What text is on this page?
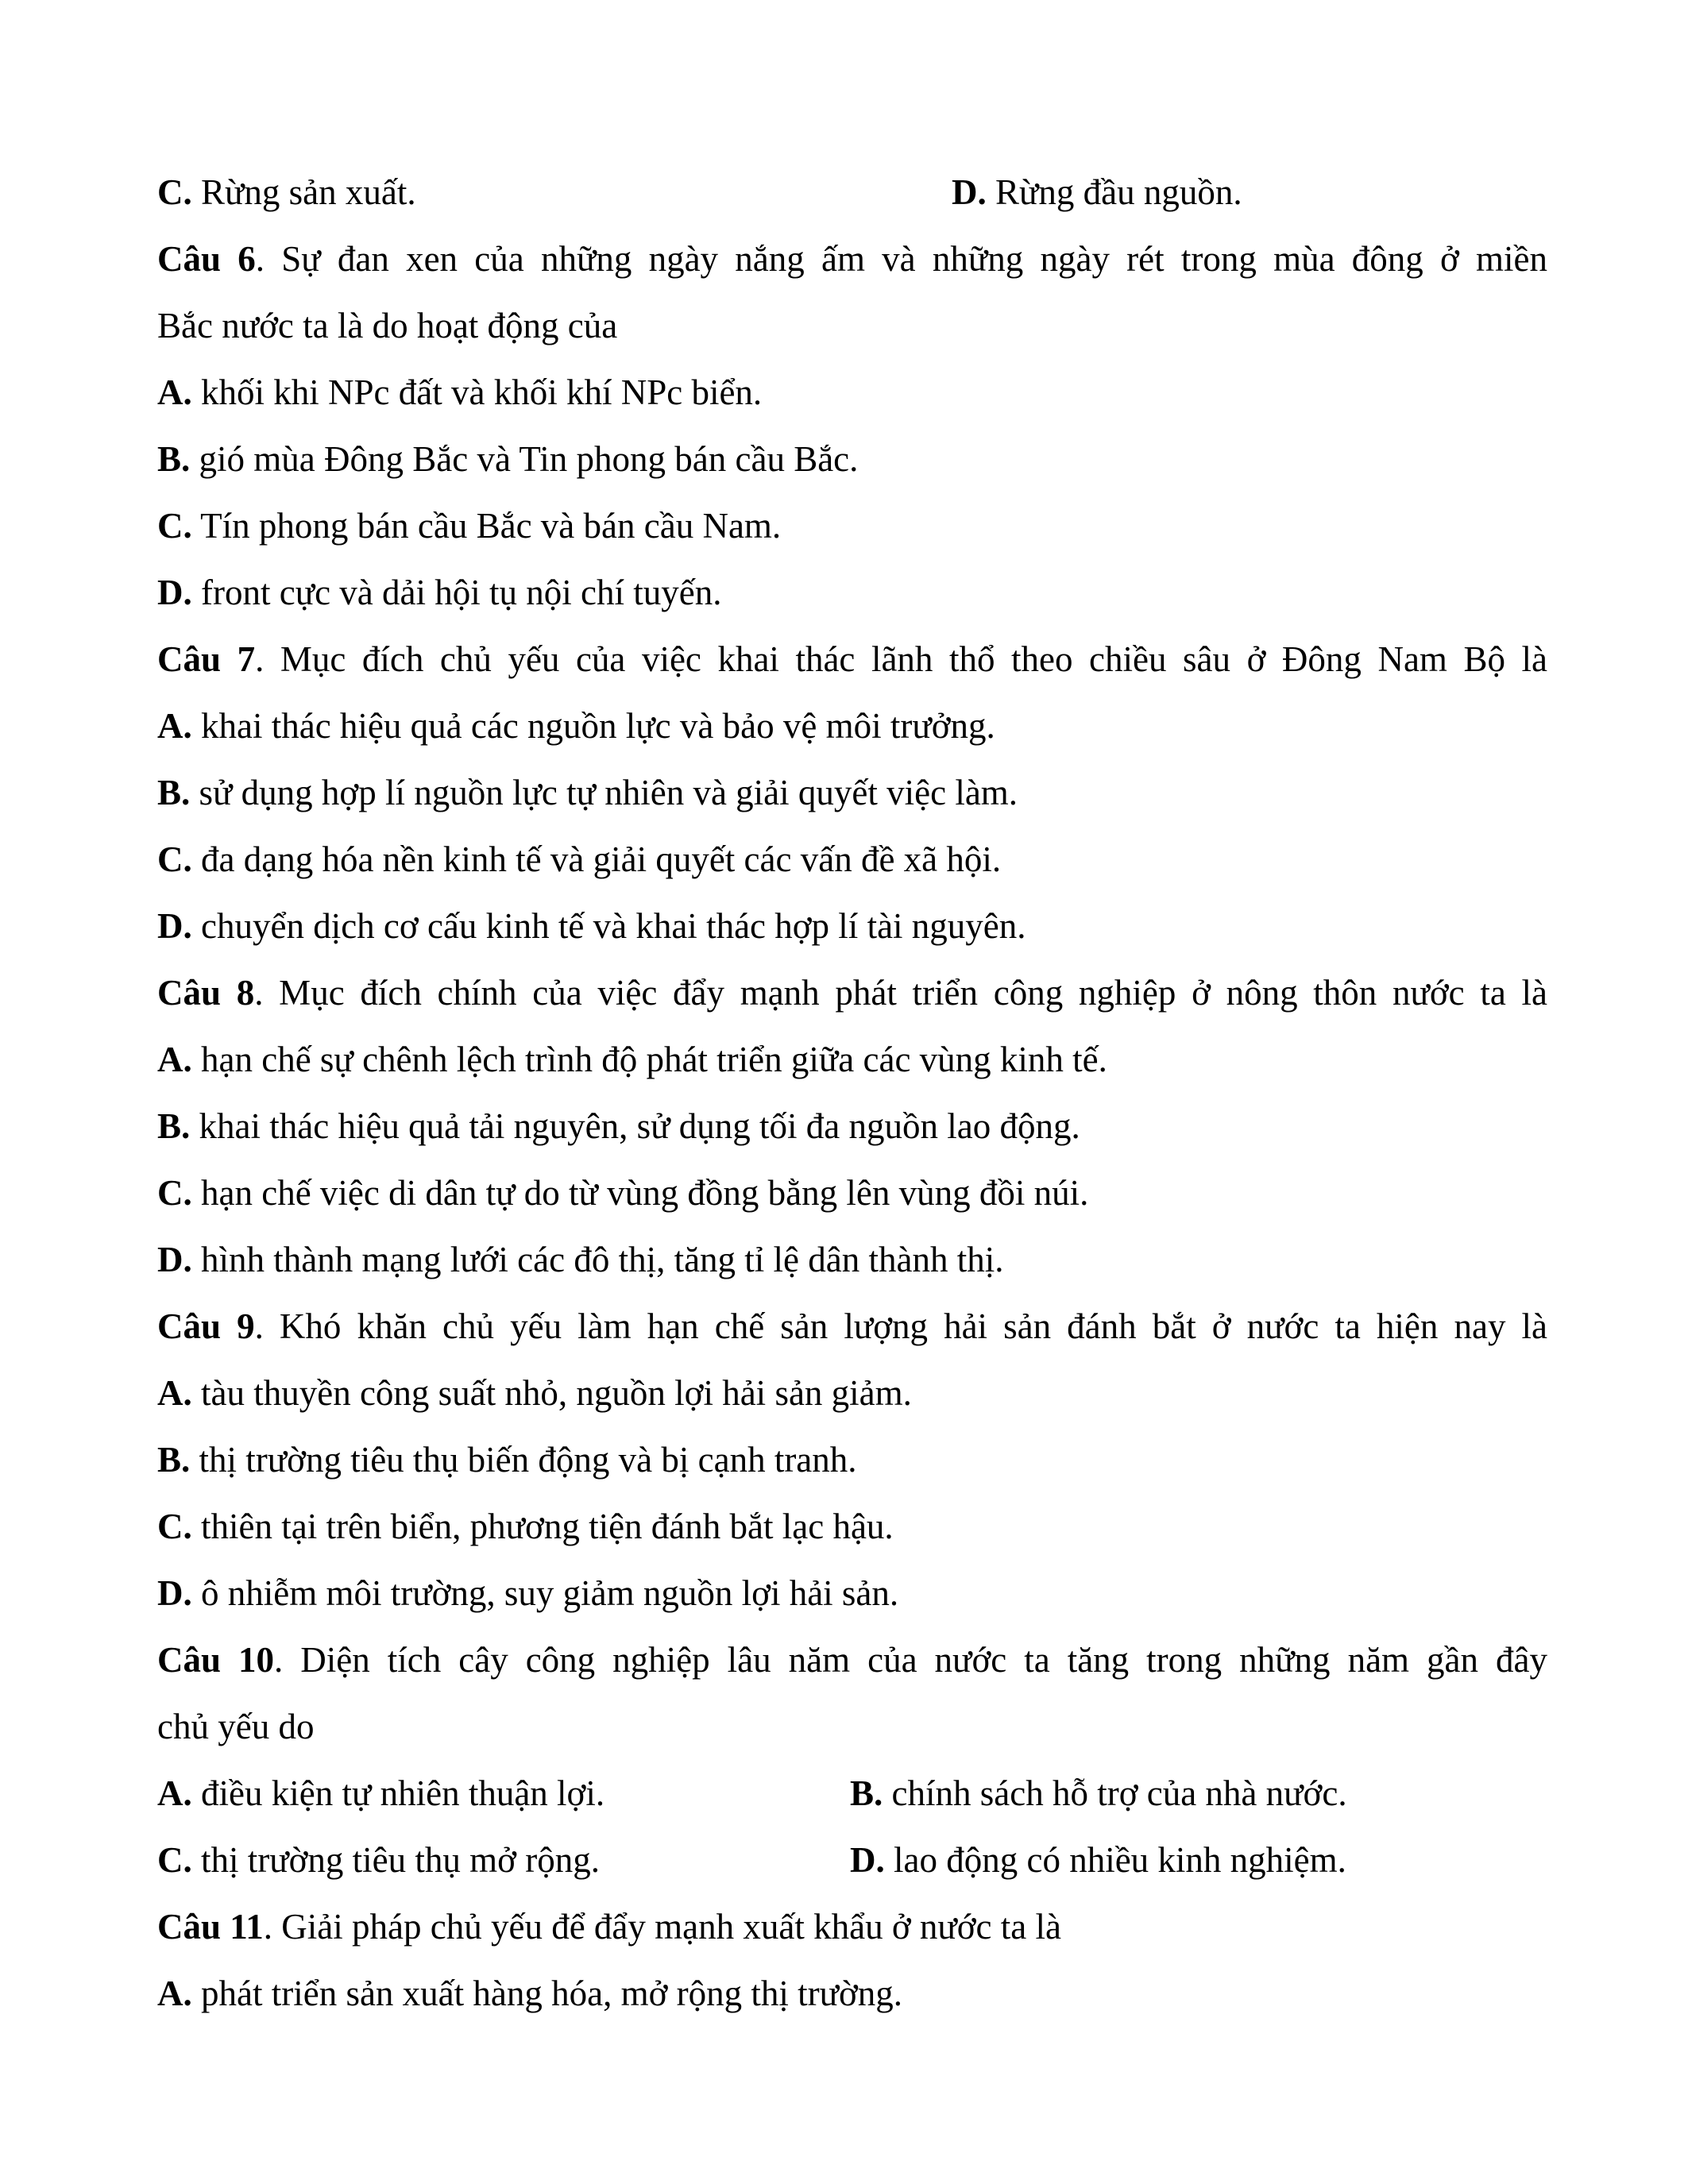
C. Rừng sản xuất.	D. Rừng đầu nguồn.
Câu 6. Sự đan xen của những ngày nắng ấm và những ngày rét trong mùa đông ở miền
Bắc nước ta là do hoạt động của
A. khối khi NPc đất và khối khí NPc biển.
B. gió mùa Đông Bắc và Tin phong bán cầu Bắc.
C. Tín phong bán cầu Bắc và bán cầu Nam.
D. front cực và dải hội tụ nội chí tuyến.
Câu 7. Mục đích chủ yếu của việc khai thác lãnh thổ theo chiều sâu ở Đông Nam Bộ là
A. khai thác hiệu quả các nguồn lực và bảo vệ môi trưởng.
B. sử dụng hợp lí nguồn lực tự nhiên và giải quyết việc làm.
C. đa dạng hóa nền kinh tế và giải quyết các vấn đề xã hội.
D. chuyển dịch cơ cấu kinh tế và khai thác hợp lí tài nguyên.
Câu 8. Mục đích chính của việc đẩy mạnh phát triển công nghiệp ở nông thôn nước ta là
A. hạn chế sự chênh lệch trình độ phát triển giữa các vùng kinh tế.
B. khai thác hiệu quả tải nguyên, sử dụng tối đa nguồn lao động.
C. hạn chế việc di dân tự do từ vùng đồng bằng lên vùng đồi núi.
D. hình thành mạng lưới các đô thị, tăng tỉ lệ dân thành thị.
Câu 9. Khó khăn chủ yếu làm hạn chế sản lượng hải sản đánh bắt ở nước ta hiện nay là
A. tàu thuyền công suất nhỏ, nguồn lợi hải sản giảm.
B. thị trường tiêu thụ biến động và bị cạnh tranh.
C. thiên tại trên biển, phương tiện đánh bắt lạc hậu.
D. ô nhiễm môi trường, suy giảm nguồn lợi hải sản.
Câu 10. Diện tích cây công nghiệp lâu năm của nước ta tăng trong những năm gần đây
chủ yếu do
A. điều kiện tự nhiên thuận lợi.	B. chính sách hỗ trợ của nhà nước.
C. thị trường tiêu thụ mở rộng.	D. lao động có nhiều kinh nghiệm.
Câu 11. Giải pháp chủ yếu để đẩy mạnh xuất khẩu ở nước ta là
A. phát triển sản xuất hàng hóa, mở rộng thị trường.
